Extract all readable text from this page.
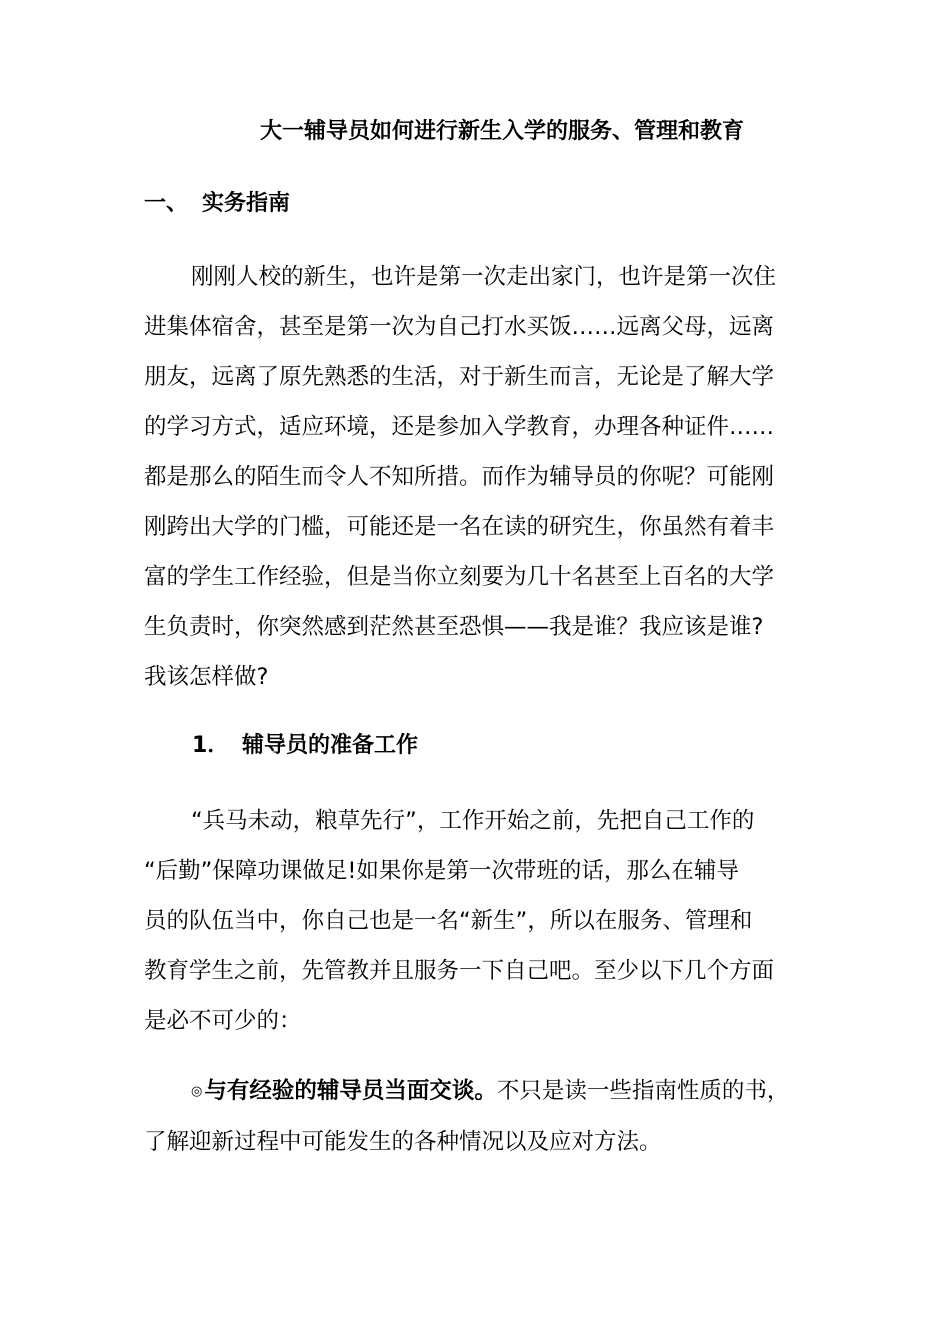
大一辅导员如何进行新生入学的服务、管理和教育
一、 实务指南
刚刚人校的新生，也许是第一次走出家门，也许是第一次住
进集体宿舍，甚至是第一次为自己打水买饭……远离父母，远离
朋友，远离了原先熟悉的生活，对于新生而言，无论是了解大学
的学习方式，适应环境，还是参加入学教育，办理各种证件……
都是那么的陌生而令人不知所措。而作为辅导员的你呢？可能刚
刚跨出大学的门槛，可能还是一名在读的研究生，你虽然有着丰
富的学生工作经验，但是当你立刻要为几十名甚至上百名的大学
生负责时，你突然感到茫然甚至恐惧——我是谁？我应该是谁?
我该怎样做?
1． 辅导员的准备工作
“兵马未动，粮草先行”，工作开始之前，先把自己工作的
“后勤”保障功课做足!如果你是第一次带班的话，那么在辅导
员的队伍当中，你自己也是一名“新生”，所以在服务、管理和
教育学生之前，先管教并且服务一下自己吧。至少以下几个方面
是必不可少的：
◎与有经验的辅导员当面交谈。不只是读一些指南性质的书，
了解迎新过程中可能发生的各种情况以及应对方法。
